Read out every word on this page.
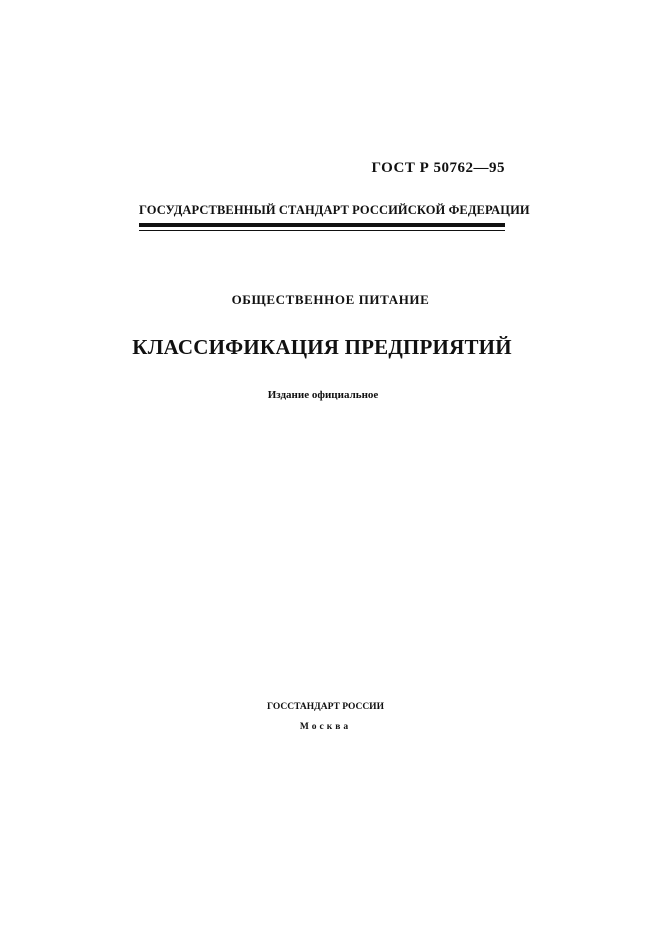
ГОСТ Р 50762—95
ГОСУДАРСТВЕННЫЙ СТАНДАРТ РОССИЙСКОЙ ФЕДЕРАЦИИ
ОБЩЕСТВЕННОЕ ПИТАНИЕ
КЛАССИФИКАЦИЯ ПРЕДПРИЯТИЙ
Издание официальное
ГОССТАНДАРТ РОССИИ
Москва
